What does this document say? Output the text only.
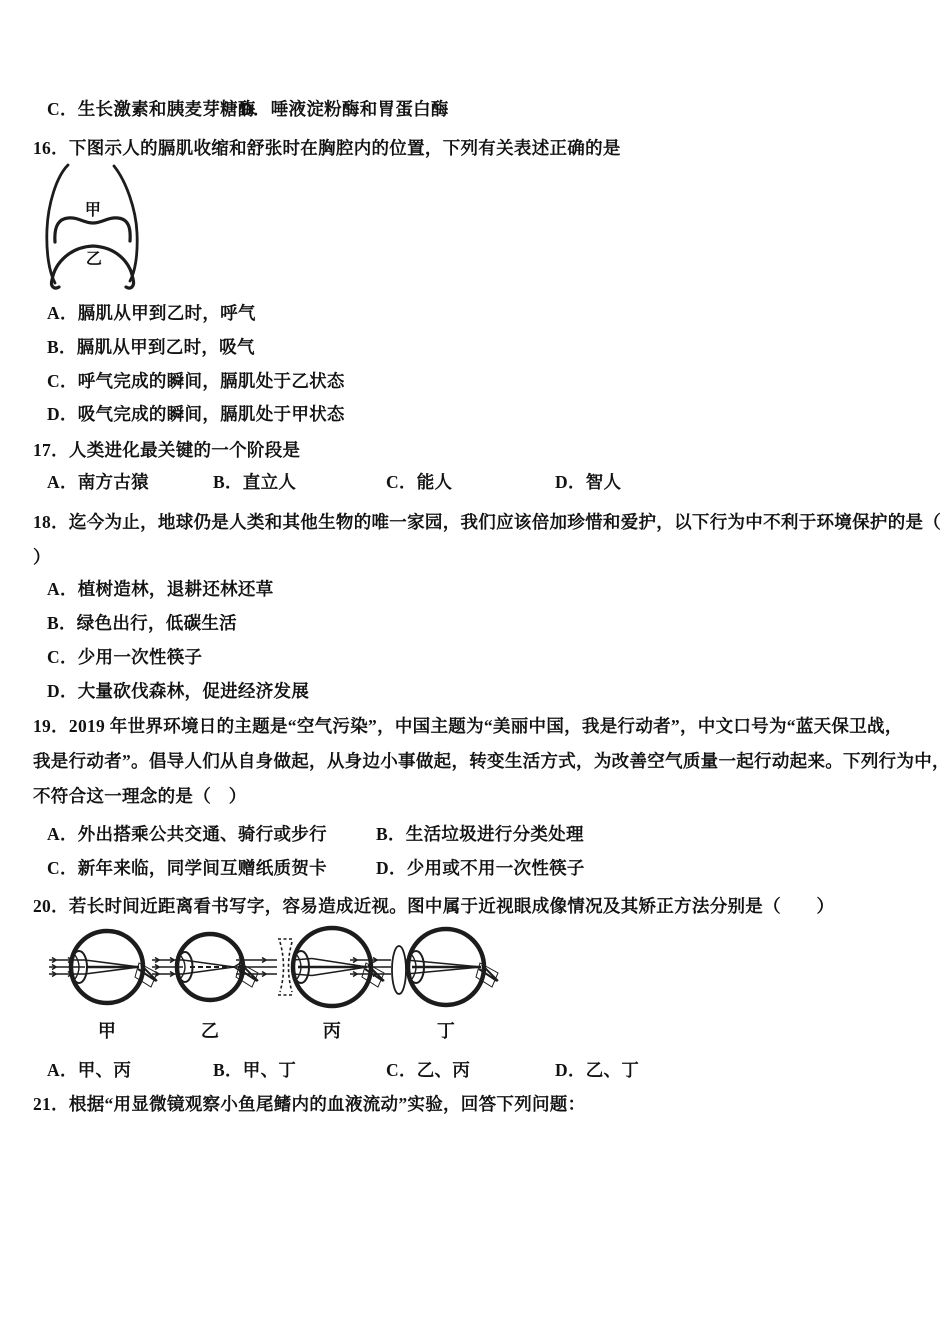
C．生长激素和胰麦芽糖酶
D．唾液淀粉酶和胃蛋白酶
16．下图示人的膈肌收缩和舒张时在胸腔内的位置，下列有关表述正确的是
甲
乙
A．膈肌从甲到乙时，呼气
B．膈肌从甲到乙时，吸气
C．呼气完成的瞬间，膈肌处于乙状态
D．吸气完成的瞬间，膈肌处于甲状态
17．人类进化最关键的一个阶段是
A．南方古猿	B．直立人	C．能人	D．智人
18．迄今为止，地球仍是人类和其他生物的唯一家园，我们应该倍加珍惜和爱护，以下行为中不利于环境保护的是（
）
A．植树造林，退耕还林还草
B．绿色出行，低碳生活
C．少用一次性筷子
D．大量砍伐森林，促进经济发展
19．2019 年世界环境日的主题是“空气污染”，中国主题为“美丽中国，我是行动者”，中文口号为“蓝天保卫战，
我是行动者”。倡导人们从自身做起，从身边小事做起，转变生活方式，为改善空气质量一起行动起来。下列行为中，
不符合这一理念的是（　）
A．外出搭乘公共交通、骑行或步行	B．生活垃圾进行分类处理
C．新年来临，同学间互赠纸质贺卡	D．少用或不用一次性筷子
20．若长时间近距离看书写字，容易造成近视。图中属于近视眼成像情况及其矫正方法分别是（　　）
甲	乙	丙	丁
A．甲、丙	B．甲、丁	C．乙、丙	D．乙、丁
21．根据“用显微镜观察小鱼尾鳍内的血液流动”实验，回答下列问题：
